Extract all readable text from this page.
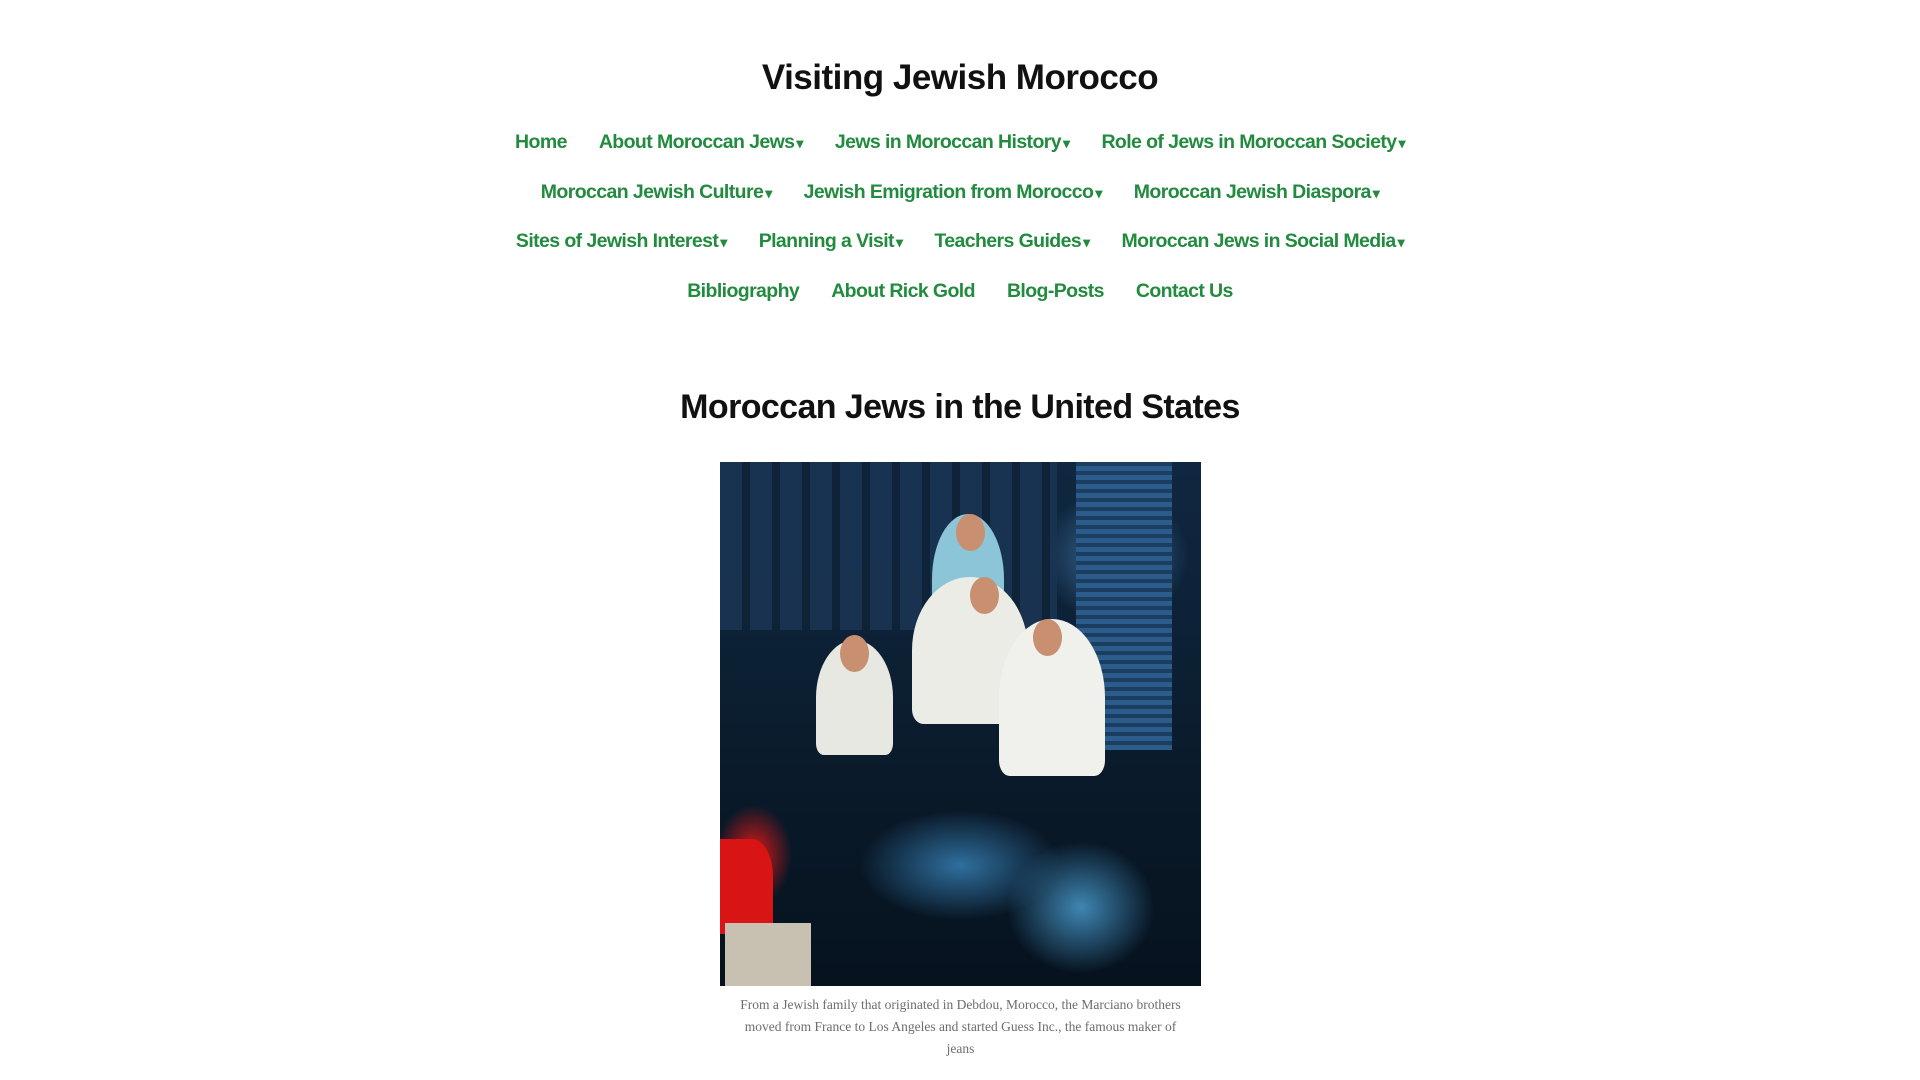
Visiting Jewish Morocco
Home About Moroccan Jews ▾ Jews in Moroccan History ▾ Role of Jews in Moroccan Society ▾
Moroccan Jewish Culture ▾ Jewish Emigration from Morocco ▾ Moroccan Jewish Diaspora ▾
Sites of Jewish Interest ▾ Planning a Visit ▾ Teachers Guides ▾ Moroccan Jews in Social Media ▾
Bibliography About Rick Gold Blog-Posts Contact Us
Moroccan Jews in the United States
From a Jewish family that originated in Debdou, Morocco, the Marciano brothers moved from France to Los Angeles and started Guess Inc., the famous maker of jeans
